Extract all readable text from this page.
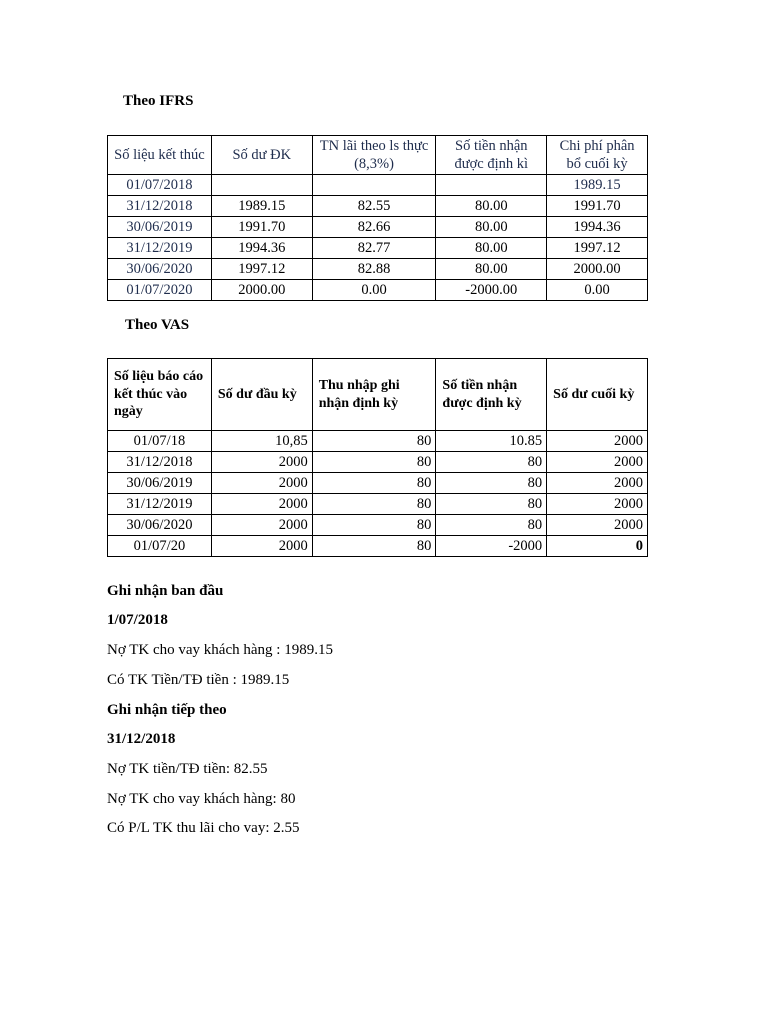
Theo IFRS
Số liệu kết thúc	Số dư ĐK	TN lãi theo ls thực (8,3%)	Số tiền nhận được định kì	Chi phí phân bổ cuối kỳ
01/07/2018				1989.15
31/12/2018	1989.15	82.55	80.00	1991.70
30/06/2019	1991.70	82.66	80.00	1994.36
31/12/2019	1994.36	82.77	80.00	1997.12
30/06/2020	1997.12	82.88	80.00	2000.00
01/07/2020	2000.00	0.00	-2000.00	0.00
Theo VAS
Số liệu báo cáo kết thúc vào ngày	Số dư đầu kỳ	Thu nhập ghi nhận định kỳ	Số tiền nhận được định kỳ	Số dư cuối kỳ
01/07/18	10,85	80	10.85	2000
31/12/2018	2000	80	80	2000
30/06/2019	2000	80	80	2000
31/12/2019	2000	80	80	2000
30/06/2020	2000	80	80	2000
01/07/20	2000	80	-2000	0
Ghi nhận ban đầu
1/07/2018
Nợ TK cho vay khách hàng : 1989.15
Có TK Tiền/TĐ tiền : 1989.15
Ghi nhận tiếp theo
31/12/2018
Nợ TK tiền/TĐ tiền: 82.55
Nợ TK cho vay khách hàng: 80
Có P/L TK thu lãi cho vay: 2.55
